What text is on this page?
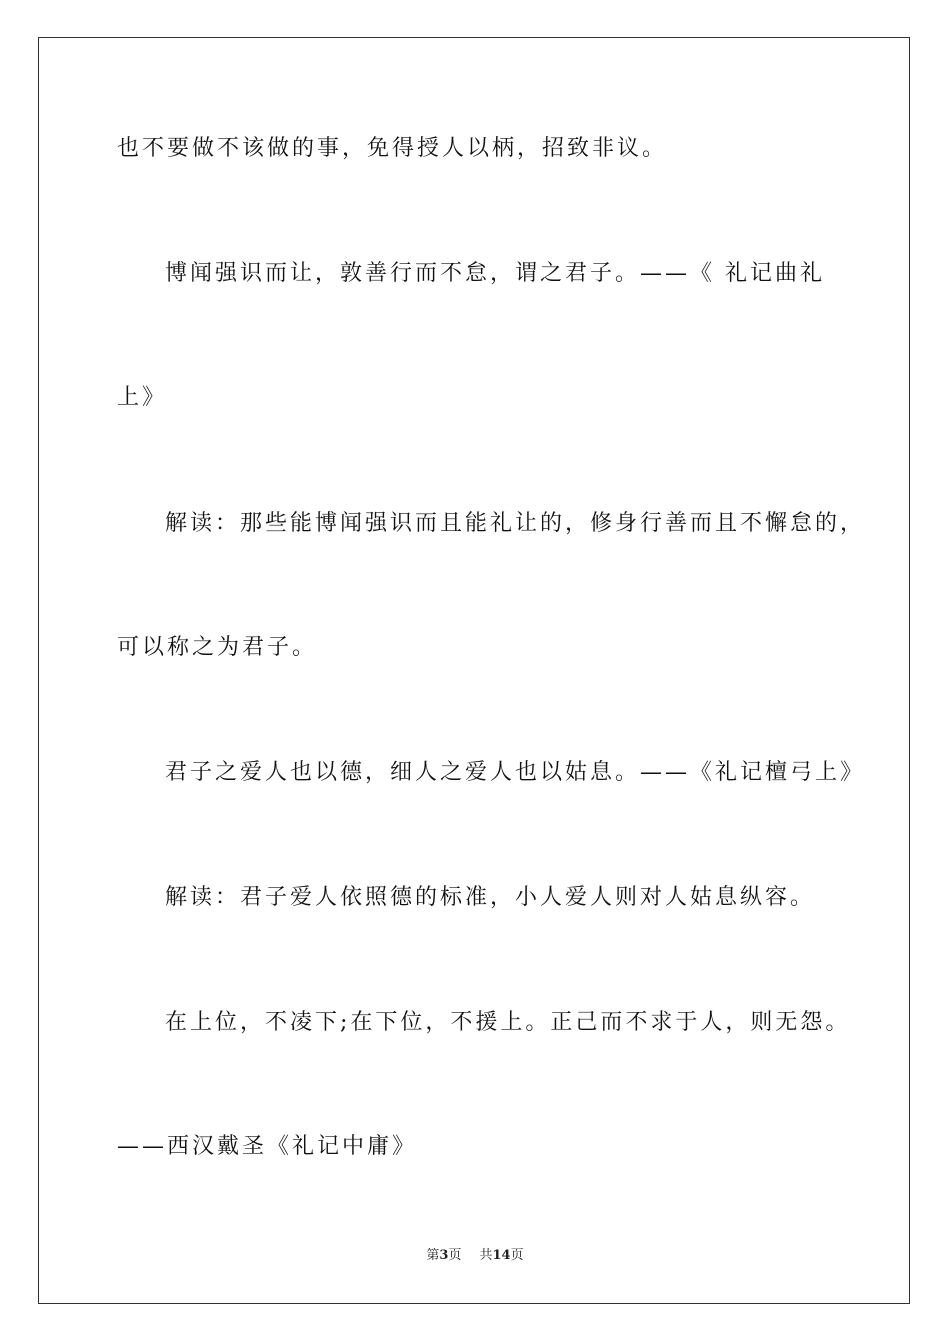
也不要做不该做的事，免得授人以柄，招致非议。
博闻强识而让，敦善行而不怠，谓之君子。——《 礼记曲礼
上》
解读：那些能博闻强识而且能礼让的，修身行善而且不懈怠的，
可以称之为君子。
君子之爱人也以德，细人之爱人也以姑息。——《礼记檀弓上》
解读：君子爱人依照德的标准，小人爱人则对人姑息纵容。
在上位，不凌下;在下位，不援上。正己而不求于人，则无怨。
——西汉戴圣《礼记中庸》
第3页 共14页
